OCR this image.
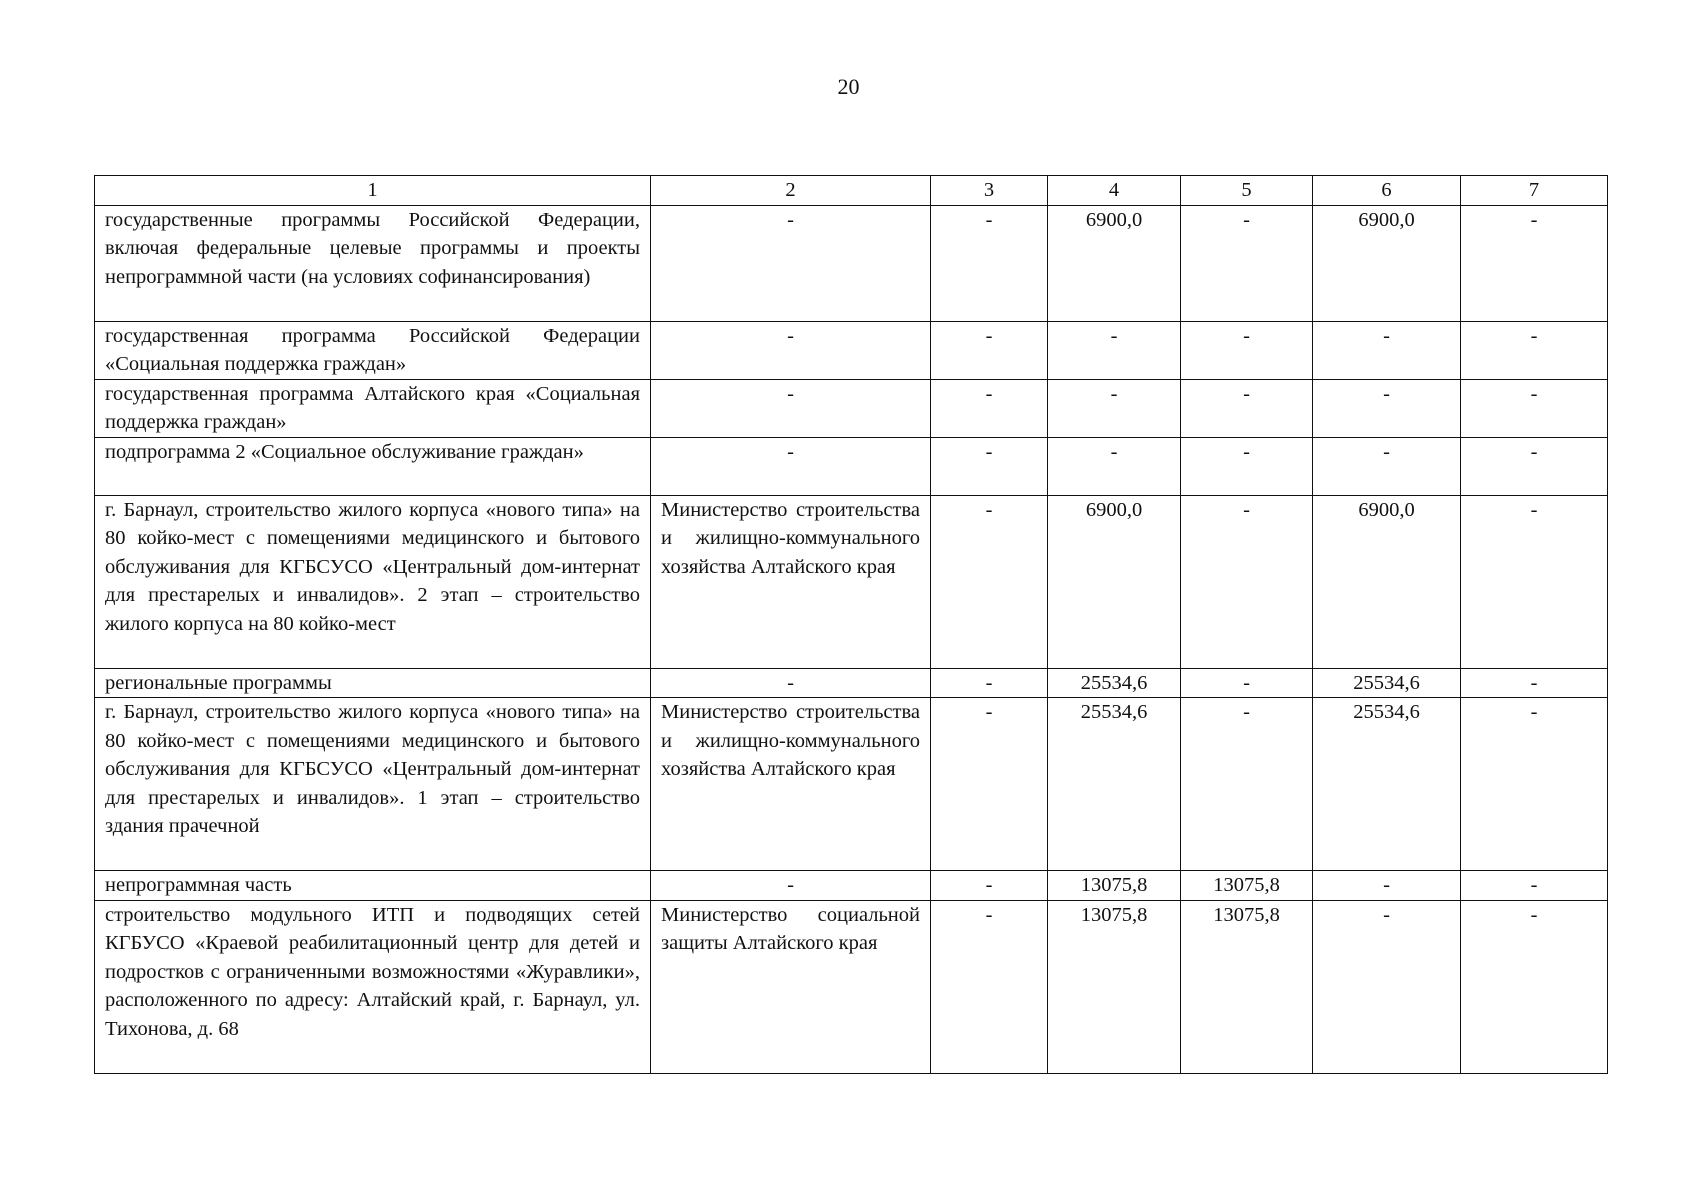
20
1	2	3	4	5	6	7
государственные программы Российской Федерации, включая федеральные целевые программы и проекты непрограммной части (на условиях софинансирования)	-	-	6900,0	-	6900,0	-
государственная программа Российской Федерации «Социальная поддержка граждан»	-	-	-	-	-	-
государственная программа Алтайского края «Социальная поддержка граждан»	-	-	-	-	-	-
подпрограмма 2 «Социальное обслуживание граждан»	-	-	-	-	-	-
г. Барнаул, строительство жилого корпуса «нового типа» на 80 койко-мест с помещениями медицинского и бытового обслуживания для КГБСУСО «Центральный дом-интернат для престарелых и инвалидов». 2 этап – строительство жилого корпуса на 80 койко-мест	Министерство строительства и жилищно-коммунального хозяйства Алтайского края	-	6900,0	-	6900,0	-
региональные программы	-	-	25534,6	-	25534,6	-
г. Барнаул, строительство жилого корпуса «нового типа» на 80 койко-мест с помещениями медицинского и бытового обслуживания для КГБСУСО «Центральный дом-интернат для престарелых и инвалидов». 1 этап – строительство здания прачечной	Министерство строительства и жилищно-коммунального хозяйства Алтайского края	-	25534,6	-	25534,6	-
непрограммная часть	-	-	13075,8	13075,8	-	-
строительство модульного ИТП и подводящих сетей КГБУСО «Краевой реабилитационный центр для детей и подростков с ограниченными возможностями «Журавлики», расположенного по адресу: Алтайский край, г. Барнаул, ул. Тихонова, д. 68	Министерство социальной защиты Алтайского края	-	13075,8	13075,8	-	-
